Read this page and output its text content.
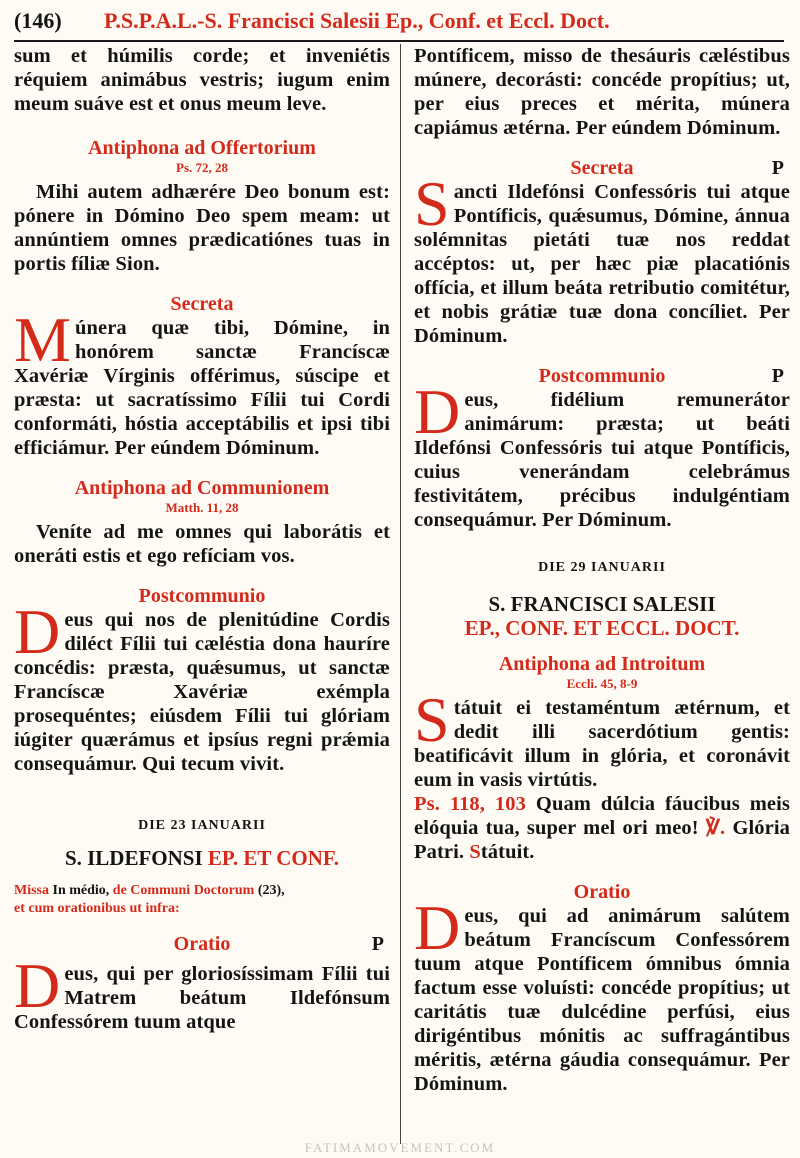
(146) P.S.P.A.L.-S. Francisci Salesii Ep., Conf. et Eccl. Doct.

sum et húmilis corde; et inveniétis réquiem animábus vestris; iugum enim meum suáve est et onus meum leve.

Antiphona ad Offertorium
Ps. 72, 28

Mihi autem adhærére Deo bonum est: pónere in Dómino Deo spem meam: ut annúntiem omnes prædicatiónes tuas in portis fíliæ Sion.

Secreta

Múnera quæ tibi, Dómine, in honórem sanctæ Francíscæ Xavériæ Vírginis offérimus, súscipe et præsta: ut sacratíssimo Fílii tui Cordi conformáti, hóstia acceptábilis et ipsi tibi efficiámur. Per eúndem Dóminum.

Antiphona ad Communionem
Matth. 11, 28

Veníte ad me omnes qui laborátis et oneráti estis et ego refíciam vos.

Postcommunio

Deus qui nos de plenitúdine Cordis diléct Fílii tui cæléstia dona hauríre concédis: præsta, quǽsumus, ut sanctæ Francíscæ Xavériæ exémpla prosequéntes; eiúsdem Fílii tui glóriam iúgiter quærámus et ipsíus regni prǽmia consequámur. Qui tecum vivit.

DIE 23 IANUARII
S. ILDEFONSI EP. ET CONF.
Missa In médio, de Communi Doctorum (23),
et cum orationibus ut infra:
Oratio	P

Deus, qui per gloriosíssimam Fílii tui Matrem beátum Ildefónsum Confessórem tuum atque

Pontíficem, misso de thesáuris cæléstibus múnere, decorásti: concéde propítius; ut, per eius preces et mérita, múnera capiámus ætérna. Per eúndem Dóminum.

Secreta	P

Sancti Ildefónsi Confessóris tui atque Pontíficis, quǽsumus, Dómine, ánnua solémnitas pietáti tuæ nos reddat accéptos: ut, per hæc piæ placatiónis offícia, et illum beáta retributio comitétur, et nobis grátiæ tuæ dona concíliet. Per Dóminum.

Postcommunio	P

Deus, fidélium remunerátor animárum: præsta; ut beáti Ildefónsi Confessóris tui atque Pontíficis, cuius venerándam celebrámus festivitátem, précibus indulgéntiam consequámur. Per Dóminum.

DIE 29 IANUARII
S. FRANCISCI SALESII
EP., CONF. ET ECCL. DOCT.
Antiphona ad Introitum
Eccli. 45, 8-9

Státuit ei testaméntum ætérnum, et dedit illi sacerdótium gentis: beatificávit illum in glória, et coronávit eum in vasis virtútis.

Ps. 118, 103 Quam dúlcia fáucibus meis elóquia tua, super mel ori meo! ℣. Glória Patri. Státuit.

Oratio

Deus, qui ad animárum salútem beátum Francíscum Confessórem tuum atque Pontíficem ómnibus ómnia factum esse voluísti: concéde propítius; ut caritátis tuæ dulcédine perfúsi, eius dirigéntibus mónitis ac suffragántibus méritis, ætérna gáudia consequámur. Per Dóminum.

FATIMAMOVEMENT.COM
